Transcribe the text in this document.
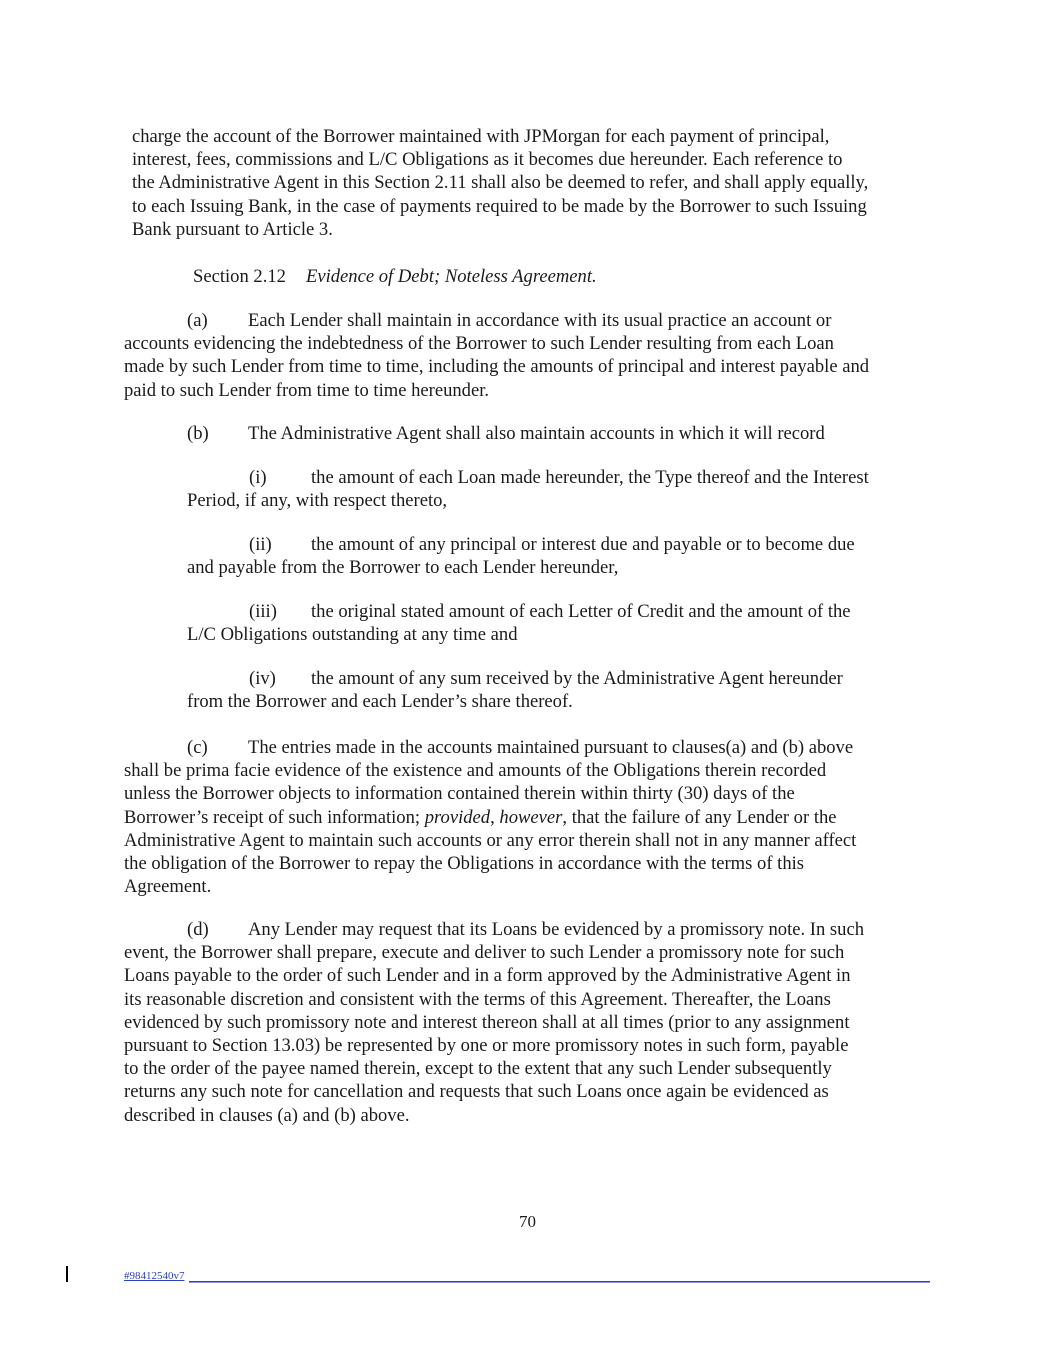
charge the account of the Borrower maintained with JPMorgan for each payment of principal,
interest, fees, commissions and L/C Obligations as it becomes due hereunder. Each reference to
the Administrative Agent in this Section 2.11 shall also be deemed to refer, and shall apply equally,
to each Issuing Bank, in the case of payments required to be made by the Borrower to such Issuing
Bank pursuant to Article 3.
Section 2.12 Evidence of Debt; Noteless Agreement.
(a) Each Lender shall maintain in accordance with its usual practice an account or
accounts evidencing the indebtedness of the Borrower to such Lender resulting from each Loan
made by such Lender from time to time, including the amounts of principal and interest payable and
paid to such Lender from time to time hereunder.
(b) The Administrative Agent shall also maintain accounts in which it will record
(i) the amount of each Loan made hereunder, the Type thereof and the Interest
Period, if any, with respect thereto,
(ii) the amount of any principal or interest due and payable or to become due
and payable from the Borrower to each Lender hereunder,
(iii) the original stated amount of each Letter of Credit and the amount of the
L/C Obligations outstanding at any time and
(iv) the amount of any sum received by the Administrative Agent hereunder
from the Borrower and each Lender’s share thereof.
(c) The entries made in the accounts maintained pursuant to clauses(a) and (b) above
shall be prima facie evidence of the existence and amounts of the Obligations therein recorded
unless the Borrower objects to information contained therein within thirty (30) days of the
Borrower’s receipt of such information; provided, however, that the failure of any Lender or the
Administrative Agent to maintain such accounts or any error therein shall not in any manner affect
the obligation of the Borrower to repay the Obligations in accordance with the terms of this
Agreement.
(d) Any Lender may request that its Loans be evidenced by a promissory note. In such
event, the Borrower shall prepare, execute and deliver to such Lender a promissory note for such
Loans payable to the order of such Lender and in a form approved by the Administrative Agent in
its reasonable discretion and consistent with the terms of this Agreement. Thereafter, the Loans
evidenced by such promissory note and interest thereon shall at all times (prior to any assignment
pursuant to Section 13.03) be represented by one or more promissory notes in such form, payable
to the order of the payee named therein, except to the extent that any such Lender subsequently
returns any such note for cancellation and requests that such Loans once again be evidenced as
described in clauses (a) and (b) above.
70
#98412540v7
